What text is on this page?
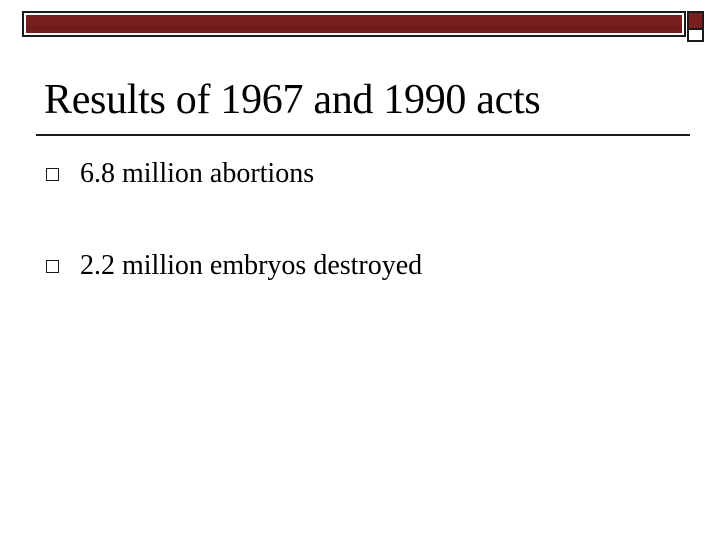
Results of 1967 and 1990 acts
6.8 million abortions
2.2 million embryos destroyed
